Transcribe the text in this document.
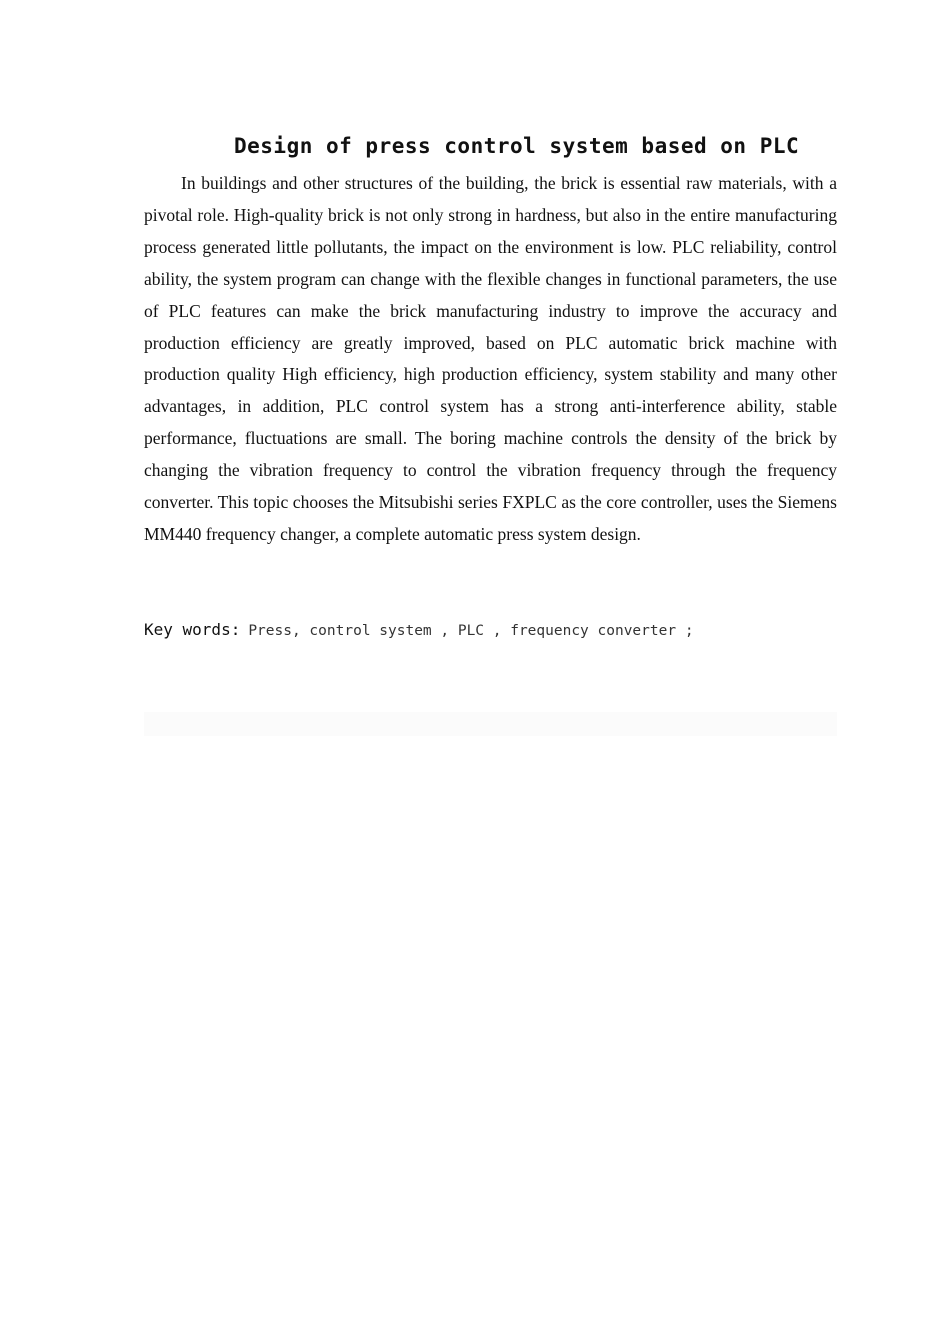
Design of press control system based on PLC

In buildings and other structures of the building, the brick is essential raw materials, with a pivotal role. High-quality brick is not only strong in hardness, but also in the entire manufacturing process generated little pollutants, the impact on the environment is low. PLC reliability, control ability, the system program can change with the flexible changes in functional parameters, the use of PLC features can make the brick manufacturing industry to improve the accuracy and production efficiency are greatly improved, based on PLC automatic brick machine with production quality High efficiency, high production efficiency, system stability and many other advantages, in addition, PLC control system has a strong anti-interference ability, stable performance, fluctuations are small. The boring machine controls the density of the brick by changing the vibration frequency to control the vibration frequency through the frequency converter. This topic chooses the Mitsubishi series FXPLC as the core controller, uses the Siemens MM440 frequency changer, a complete automatic press system design.

Key words: Press, control system , PLC , frequency converter ;
